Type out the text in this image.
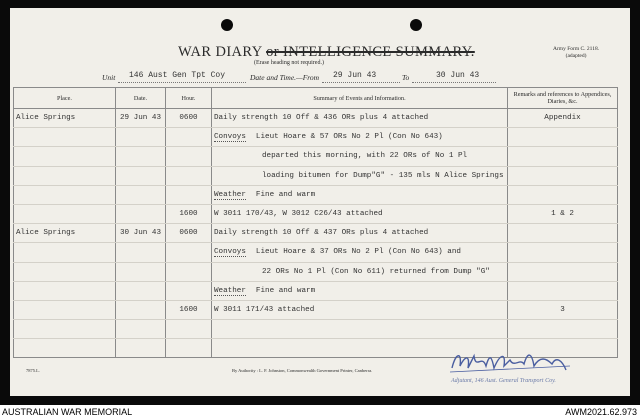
WAR DIARY or INTELLIGENCE SUMMARY.
(Erase heading not required.)
Army Form C. 2118.
(adapted)
Unit 146 Aust Gen Tpt Coy	Date and Time.—From 29 Jun 43	To	30 Jun 43
Place.	Date.	Hour.	Summary of Events and Information.	Remarks and references to Appendices, Diaries, &c.
Alice Springs	29 Jun 43	0600	Daily strength 10 Off & 436 ORs plus 4 attached	Appendix
			Convoys Lieut Hoare & 57 ORs No 2 Pl (Con No 643)	
			departed this morning, with 22 ORs of No 1 Pl	
			loading bitumen for Dump"G" - 135 mls N Alice Springs	
			Weather Fine and warm	
		1600	W 3011 170/43, W 3012 C26/43 attached	1 & 2
Alice Springs	30 Jun 43	0600	Daily strength 10 Off & 437 ORs plus 4 attached	
			Convoys Lieut Hoare & 37 ORs No 2 Pl (Con No 643) and	
			22 ORs No 1 Pl (Con No 611) returned from Dump "G"	
			Weather Fine and warm	
		1600	W 3011 171/43 attached	3

7875.L.	By Authority : L. F. Johnston, Commonwealth Government Printer, Canberra.
Adjutant, 146 Aust. General Transport Coy.
AUSTRALIAN WAR MEMORIAL	AWM2021.62.973
